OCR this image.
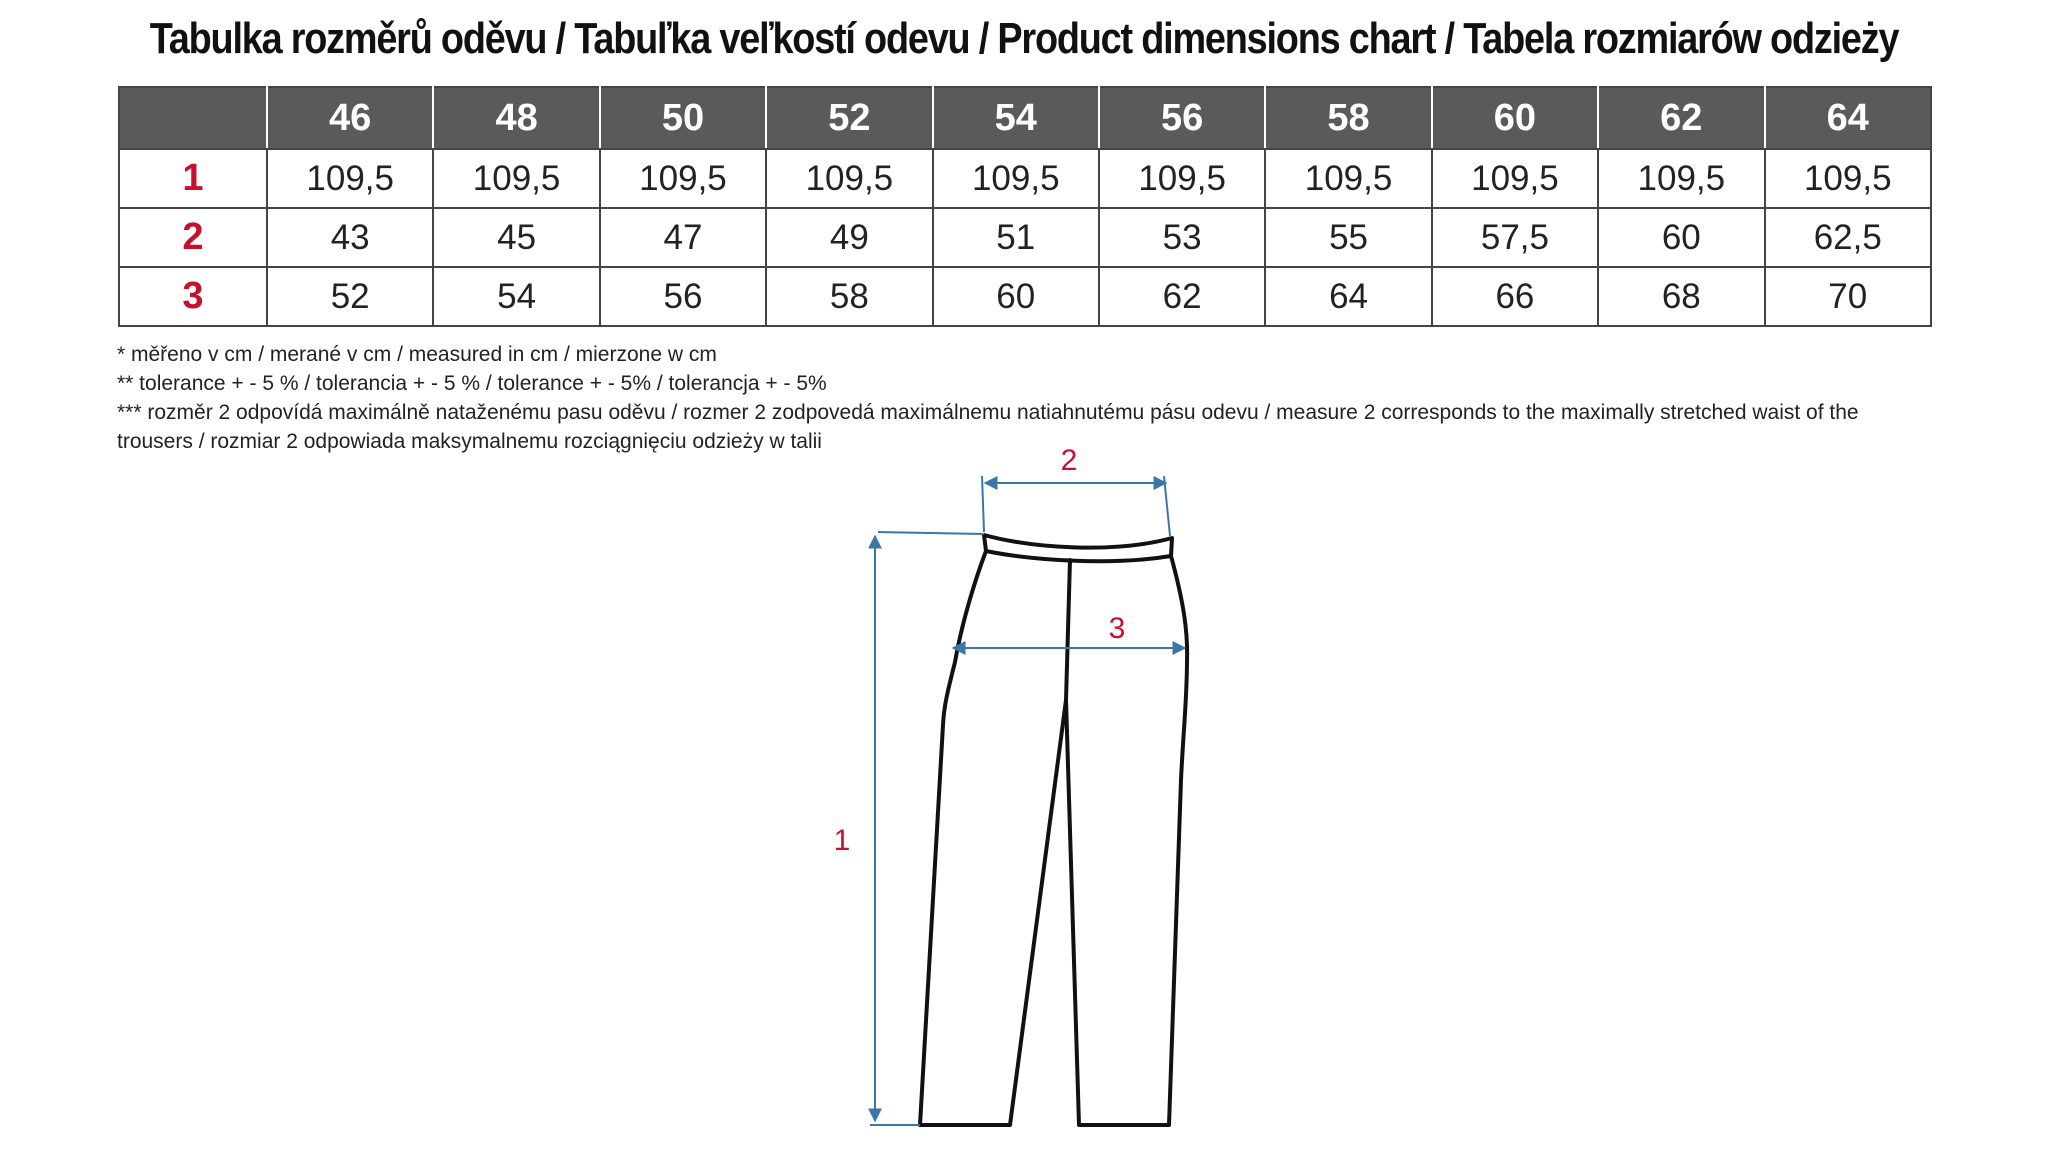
Tabulka rozměrů oděvu / Tabuľka veľkostí odevu / Product dimensions chart / Tabela rozmiarów odzieży
	46	48	50	52	54	56	58	60	62	64
1	109,5	109,5	109,5	109,5	109,5	109,5	109,5	109,5	109,5	109,5
2	43	45	47	49	51	53	55	57,5	60	62,5
3	52	54	56	58	60	62	64	66	68	70
* měřeno v cm / merané v cm / measured in cm / mierzone w cm
** tolerance + - 5 % / tolerancia + - 5 % / tolerance + - 5% / tolerancja + - 5%
*** rozměr 2 odpovídá maximálně nataženému pasu oděvu / rozmer 2 zodpovedá maximálnemu natiahnutému pásu odevu / measure 2 corresponds to the maximally stretched waist of the trousers / rozmiar 2 odpowiada maksymalnemu rozciągnięciu odzieży w talii
1
2
3
